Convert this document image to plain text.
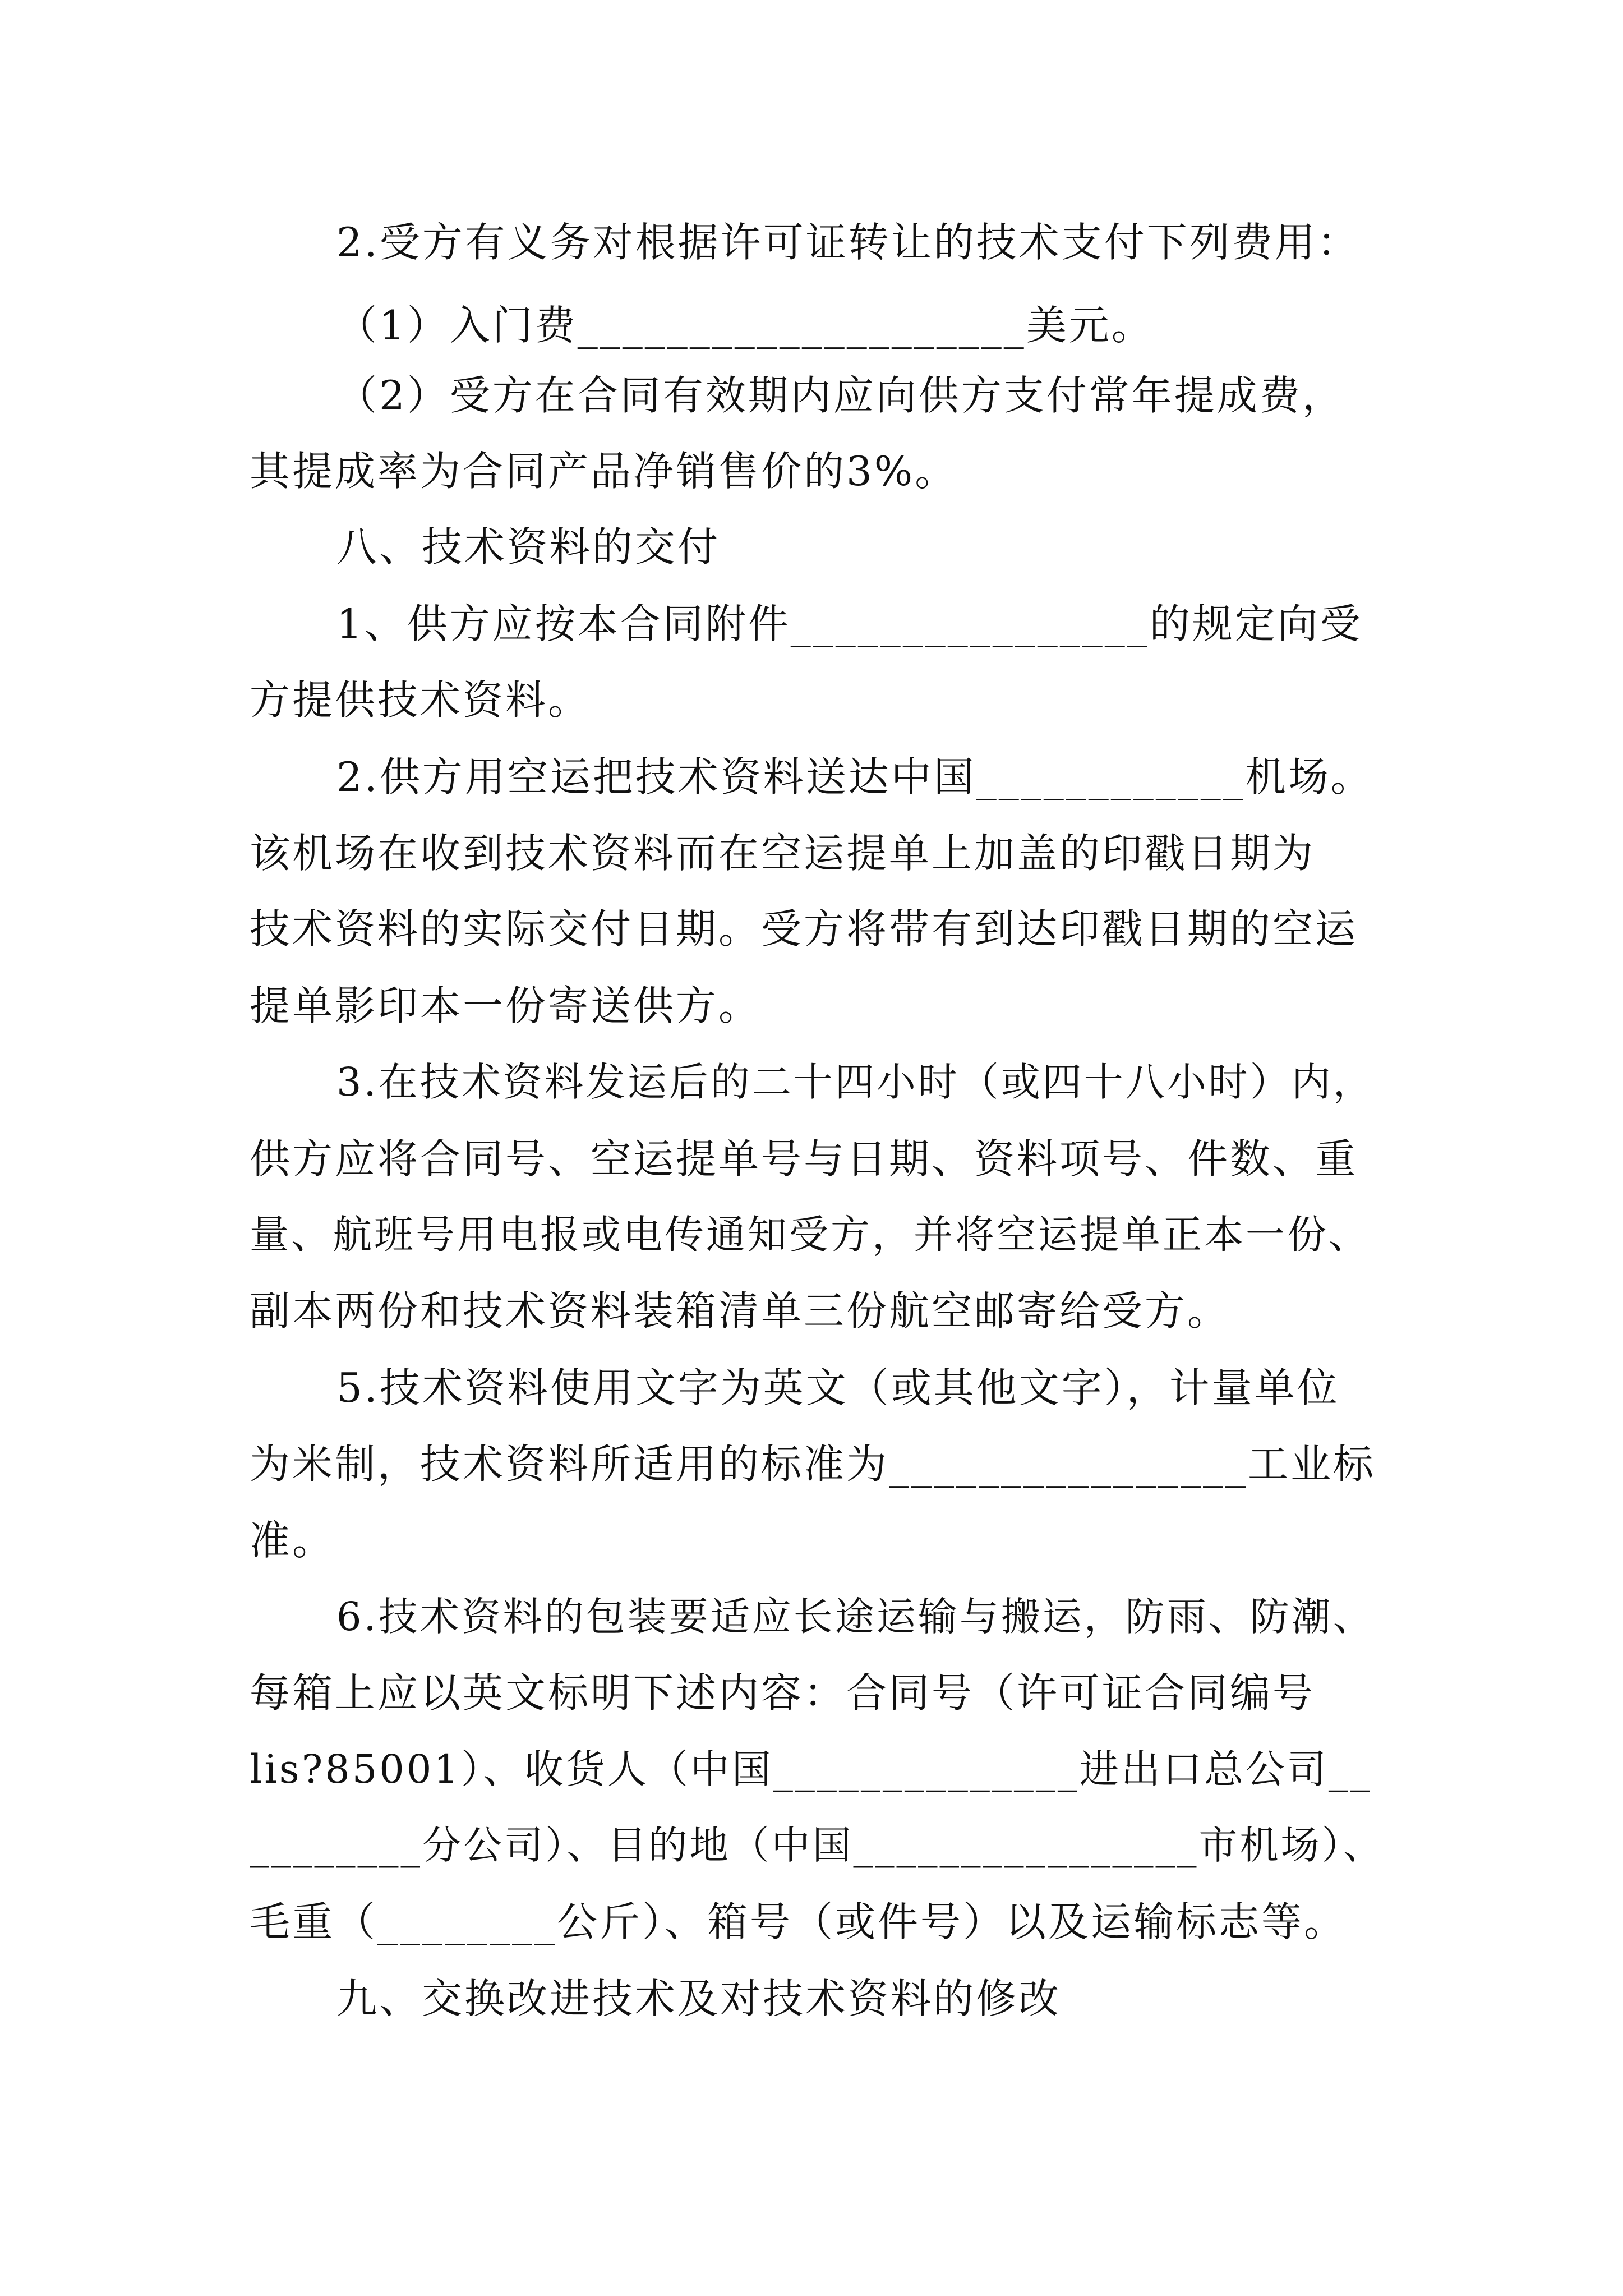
2.受方有义务对根据许可证转让的技术支付下列费用：
（1）入门费____________________美元。
（2）受方在合同有效期内应向供方支付常年提成费，
其提成率为合同产品净销售价的3%。
八、技术资料的交付
1、供方应按本合同附件________________的规定向受
方提供技术资料。
2.供方用空运把技术资料送达中国____________机场。
该机场在收到技术资料而在空运提单上加盖的印戳日期为
技术资料的实际交付日期。受方将带有到达印戳日期的空运
提单影印本一份寄送供方。
3.在技术资料发运后的二十四小时（或四十八小时）内，
供方应将合同号、空运提单号与日期、资料项号、件数、重
量、航班号用电报或电传通知受方，并将空运提单正本一份、
副本两份和技术资料装箱清单三份航空邮寄给受方。
5.技术资料使用文字为英文（或其他文字），计量单位
为米制，技术资料所适用的标准为________________工业标
准。
6.技术资料的包装要适应长途运输与搬运，防雨、防潮、
每箱上应以英文标明下述内容：合同号（许可证合同编号
lis?85001）、收货人（中国______________进出口总公司__
________分公司）、目的地（中国________________市机场）、
毛重（________公斤）、箱号（或件号）以及运输标志等。
九、交换改进技术及对技术资料的修改
